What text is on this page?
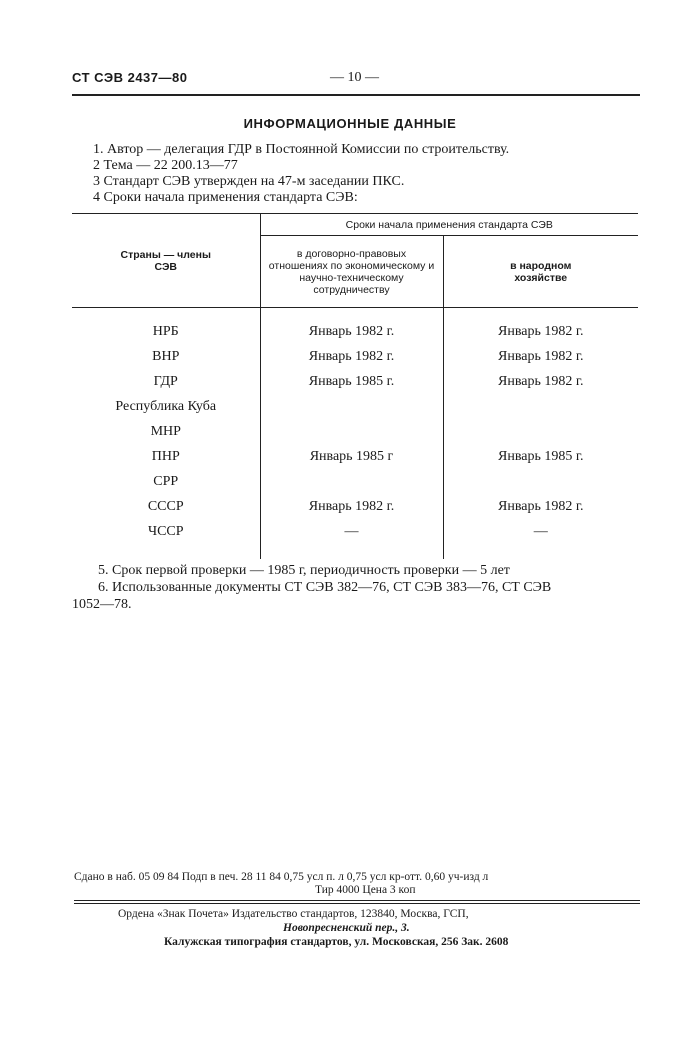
СТ СЭВ 2437—80	— 10 —
ИНФОРМАЦИОННЫЕ ДАННЫЕ
1. Автор — делегация ГДР в Постоянной Комиссии по строительству.
2 Тема — 22 200.13—77
3 Стандарт СЭВ утвержден на 47-м заседании ПКС.
4 Сроки начала применения стандарта СЭВ:
Страны — члены СЭВ	Сроки начала применения стандарта СЭВ	
	в договорно-правовых отношениях по экономическому и научно-техническому сотрудничеству	в народном хозяйстве

НРБ	Январь 1982 г.	Январь 1982 г.
ВНР	Январь 1982 г.	Январь 1982 г.
ГДР	Январь 1985 г.	Январь 1982 г.
Республика Куба		
МНР		
ПНР	Январь 1985 г	Январь 1985 г.
СРР		
СССР	Январь 1982 г.	Январь 1982 г.
ЧССР	—	—

5. Срок первой проверки — 1985 г, периодичность проверки — 5 лет
6. Использованные документы СТ СЭВ 382—76, СТ СЭВ 383—76, СТ СЭВ
1052—78.
Сдано в наб. 05 09 84 Подп в печ. 28 11 84 0,75 усл п. л 0,75 усл кр-отт. 0,60 уч-изд л
Тир 4000 Цена 3 коп
Ордена «Знак Почета» Издательство стандартов, 123840, Москва, ГСП,
Новопресненский пер., 3.
Калужская типография стандартов, ул. Московская, 256 Зак. 2608
